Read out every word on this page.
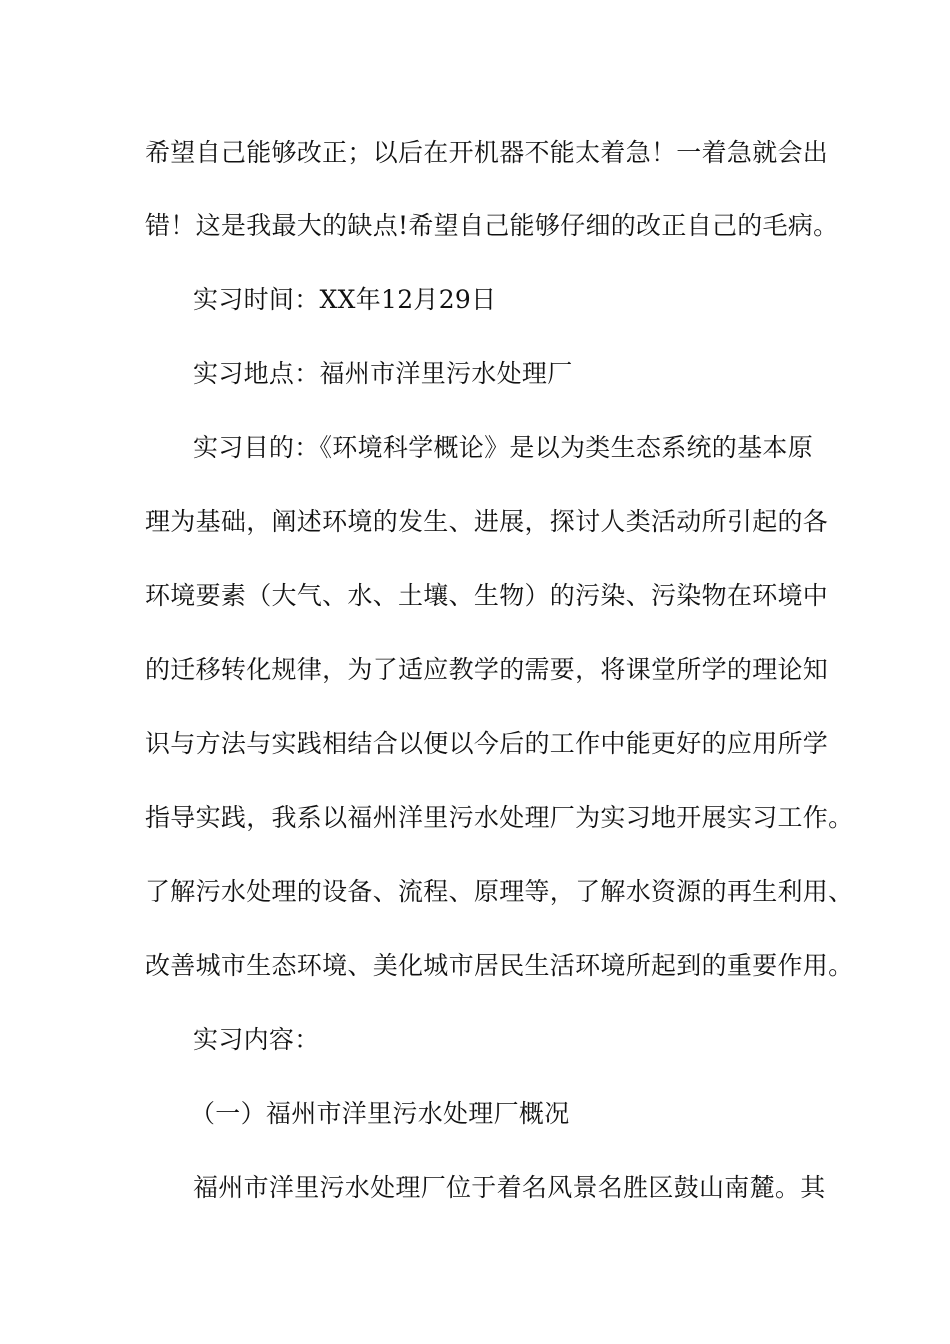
希望自己能够改正；以后在开机器不能太着急！一着急就会出
错！这是我最大的缺点!希望自己能够仔细的改正自己的毛病。
实习时间：XX年12月29日
实习地点：福州市洋里污水处理厂
实习目的：《环境科学概论》是以为类生态系统的基本原
理为基础，阐述环境的发生、进展，探讨人类活动所引起的各
环境要素（大气、水、土壤、生物）的污染、污染物在环境中
的迁移转化规律，为了适应教学的需要，将课堂所学的理论知
识与方法与实践相结合以便以今后的工作中能更好的应用所学
指导实践，我系以福州洋里污水处理厂为实习地开展实习工作。
了解污水处理的设备、流程、原理等，了解水资源的再生利用、
改善城市生态环境、美化城市居民生活环境所起到的重要作用。
实习内容：
（一）福州市洋里污水处理厂概况
福州市洋里污水处理厂位于着名风景名胜区鼓山南麓。其
